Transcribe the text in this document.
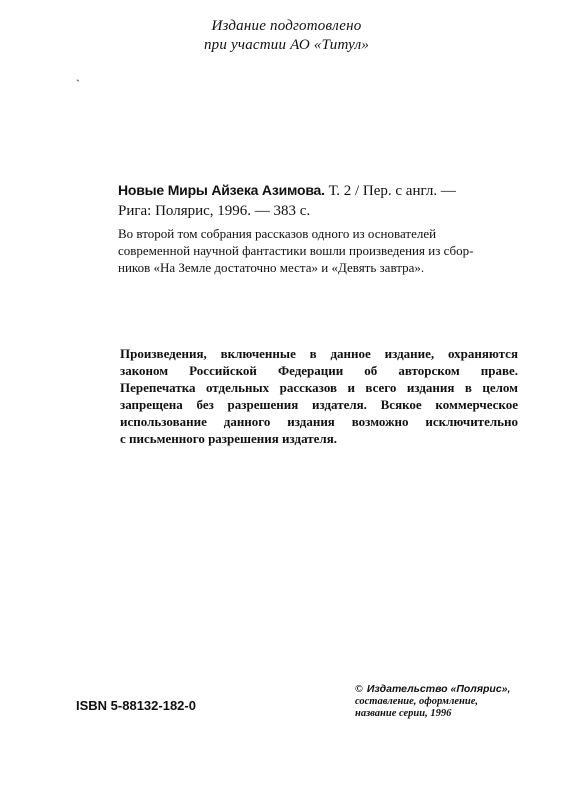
Издание подготовлено
при участии АО «Титул»
`
Новые Миры Айзека Азимова. Т. 2 / Пер. с англ. —
Рига: Полярис, 1996. — 383 с.
Во второй том собрания рассказов одного из основателей
современной научной фантастики вошли произведения из сбор-
ников «На Земле достаточно места» и «Девять завтра».
Произведения, включенные в данное издание, охраняются
законом Российской Федерации об авторском праве.
Перепечатка отдельных рассказов и всего издания в целом
запрещена без разрешения издателя. Всякое коммерческое
использование данного издания возможно исключительно
с письменного разрешения издателя.
ISBN 5-88132-182-0
© Издательство «Полярис»,
составление, оформление,
название серии, 1996
